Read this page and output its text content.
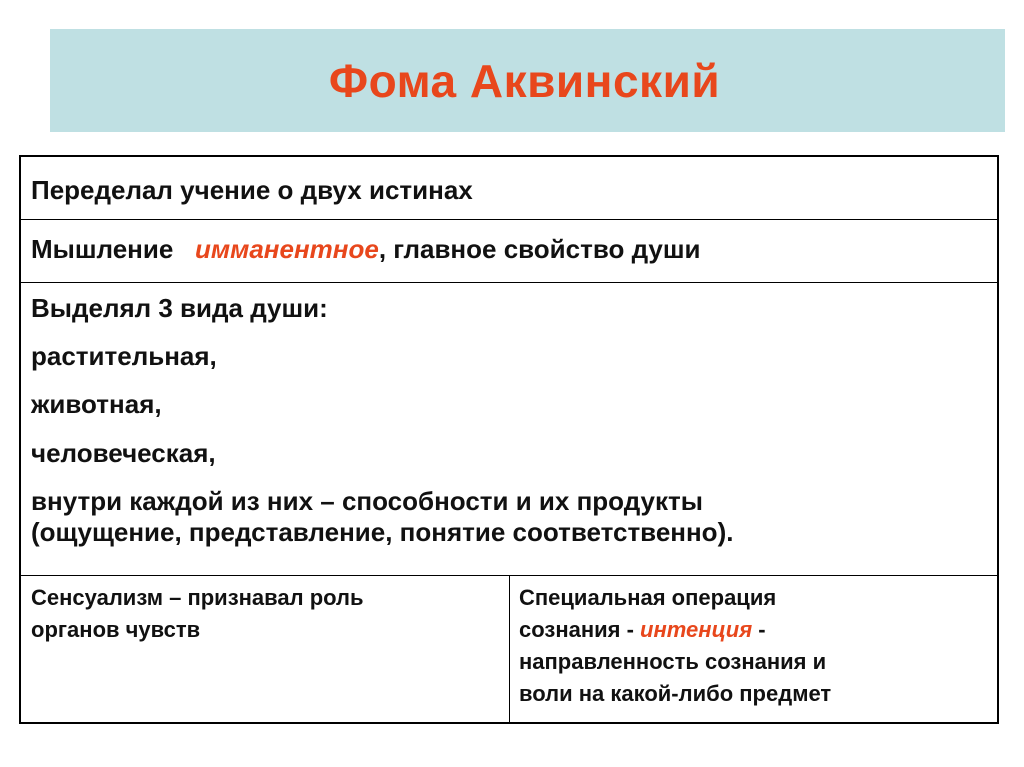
Фома Аквинский
Переделал учение о двух истинах
Мышление имманентное, главное свойство души
Выделял 3 вида души:
растительная,
животная,
человеческая,
внутри каждой из них – способности и их продукты
(ощущение, представление, понятие соответственно).
Сенсуализм – признавал роль
органов чувств
Специальная операция
сознания - интенция -
направленность сознания и
воли на какой-либо предмет
